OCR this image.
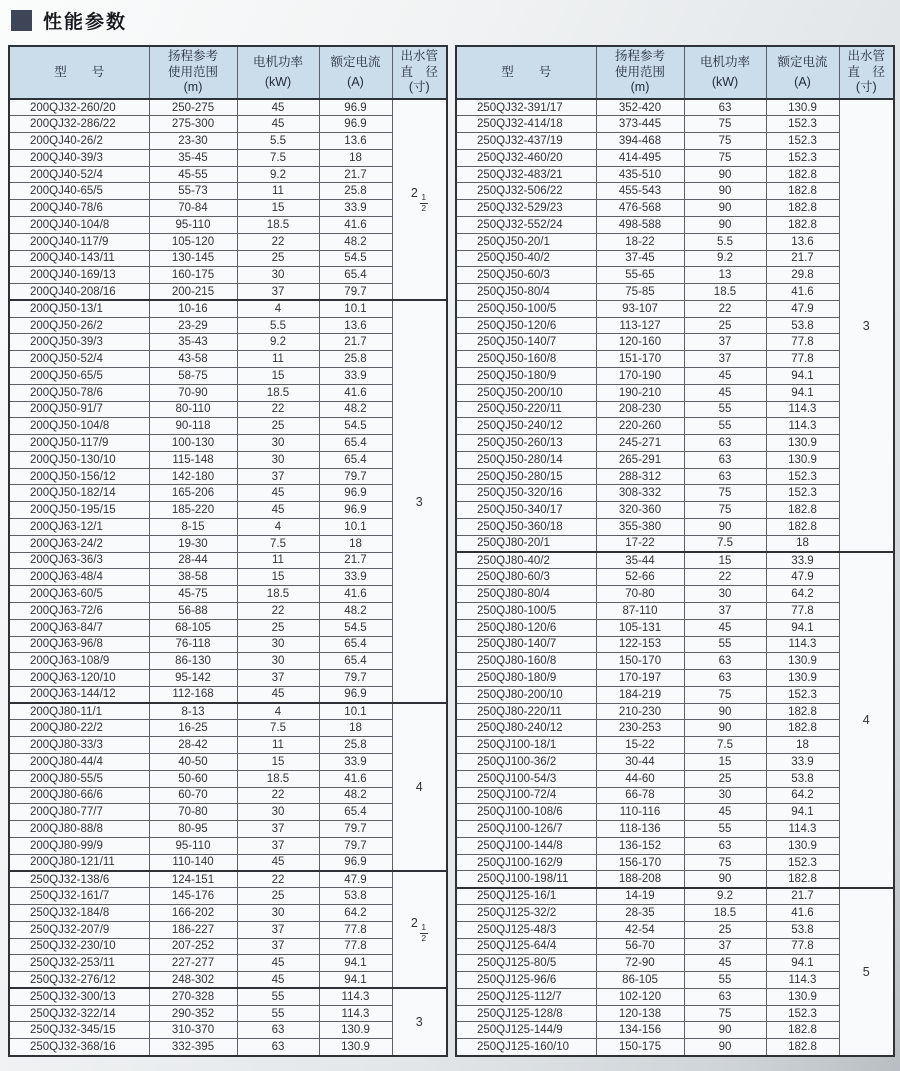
性能参数
型　　号

扬程参考
使用范围
(m)

电机功率
(kW)

额定电流
(A)

出水管
直　径
(寸)

200QJ32-260/20	250-275	45	96.9	$2 \frac{1}{2}$

200QJ32-286/22	275-300	45	96.9	
200QJ40-26/2	23-30	5.5	13.6	
200QJ40-39/3	35-45	7.5	18	
200QJ40-52/4	45-55	9.2	21.7	
200QJ40-65/5	55-73	11	25.8	
200QJ40-78/6	70-84	15	33.9	
200QJ40-104/8	95-110	18.5	41.6	
200QJ40-117/9	105-120	22	48.2	
200QJ40-143/11	130-145	25	54.5	
200QJ40-169/13	160-175	30	65.4	
200QJ40-208/16	200-215	37	79.7	
200QJ50-13/1	10-16	4	10.1	3
200QJ50-26/2	23-29	5.5	13.6	
200QJ50-39/3	35-43	9.2	21.7	
200QJ50-52/4	43-58	11	25.8	
200QJ50-65/5	58-75	15	33.9	
200QJ50-78/6	70-90	18.5	41.6	
200QJ50-91/7	80-110	22	48.2	
200QJ50-104/8	90-118	25	54.5	
200QJ50-117/9	100-130	30	65.4	
200QJ50-130/10	115-148	30	65.4	
200QJ50-156/12	142-180	37	79.7	
200QJ50-182/14	165-206	45	96.9	
200QJ50-195/15	185-220	45	96.9	
200QJ63-12/1	8-15	4	10.1	
200QJ63-24/2	19-30	7.5	18	
200QJ63-36/3	28-44	11	21.7	
200QJ63-48/4	38-58	15	33.9	
200QJ63-60/5	45-75	18.5	41.6	
200QJ63-72/6	56-88	22	48.2	
200QJ63-84/7	68-105	25	54.5	
200QJ63-96/8	76-118	30	65.4	
200QJ63-108/9	86-130	30	65.4	
200QJ63-120/10	95-142	37	79.7	
200QJ63-144/12	112-168	45	96.9	
200QJ80-11/1	8-13	4	10.1	4
200QJ80-22/2	16-25	7.5	18	
200QJ80-33/3	28-42	11	25.8	
200QJ80-44/4	40-50	15	33.9	
200QJ80-55/5	50-60	18.5	41.6	
200QJ80-66/6	60-70	22	48.2	
200QJ80-77/7	70-80	30	65.4	
200QJ80-88/8	80-95	37	79.7	
200QJ80-99/9	95-110	37	79.7	
200QJ80-121/11	110-140	45	96.9	
250QJ32-138/6	124-151	22	47.9	$2 \frac{1}{2}$

250QJ32-161/7	145-176	25	53.8	
250QJ32-184/8	166-202	30	64.2	
250QJ32-207/9	186-227	37	77.8	
250QJ32-230/10	207-252	37	77.8	
250QJ32-253/11	227-277	45	94.1	
250QJ32-276/12	248-302	45	94.1	
250QJ32-300/13	270-328	55	114.3	3
250QJ32-322/14	290-352	55	114.3	
250QJ32-345/15	310-370	63	130.9	
250QJ32-368/16	332-395	63	130.9	
型　　号

扬程参考
使用范围
(m)

电机功率
(kW)

额定电流
(A)

出水管
直　径
(寸)

250QJ32-391/17	352-420	63	130.9	3
250QJ32-414/18	373-445	75	152.3	
250QJ32-437/19	394-468	75	152.3	
250QJ32-460/20	414-495	75	152.3	
250QJ32-483/21	435-510	90	182.8	
250QJ32-506/22	455-543	90	182.8	
250QJ32-529/23	476-568	90	182.8	
250QJ32-552/24	498-588	90	182.8	
250QJ50-20/1	18-22	5.5	13.6	
250QJ50-40/2	37-45	9.2	21.7	
250QJ50-60/3	55-65	13	29.8	
250QJ50-80/4	75-85	18.5	41.6	
250QJ50-100/5	93-107	22	47.9	
250QJ50-120/6	113-127	25	53.8	
250QJ50-140/7	120-160	37	77.8	
250QJ50-160/8	151-170	37	77.8	
250QJ50-180/9	170-190	45	94.1	
250QJ50-200/10	190-210	45	94.1	
250QJ50-220/11	208-230	55	114.3	
250QJ50-240/12	220-260	55	114.3	
250QJ50-260/13	245-271	63	130.9	
250QJ50-280/14	265-291	63	130.9	
250QJ50-280/15	288-312	63	152.3	
250QJ50-320/16	308-332	75	152.3	
250QJ50-340/17	320-360	75	182.8	
250QJ50-360/18	355-380	90	182.8	
250QJ80-20/1	17-22	7.5	18	
250QJ80-40/2	35-44	15	33.9	4
250QJ80-60/3	52-66	22	47.9	
250QJ80-80/4	70-80	30	64.2	
250QJ80-100/5	87-110	37	77.8	
250QJ80-120/6	105-131	45	94.1	
250QJ80-140/7	122-153	55	114.3	
250QJ80-160/8	150-170	63	130.9	
250QJ80-180/9	170-197	63	130.9	
250QJ80-200/10	184-219	75	152.3	
250QJ80-220/11	210-230	90	182.8	
250QJ80-240/12	230-253	90	182.8	
250QJ100-18/1	15-22	7.5	18	
250QJ100-36/2	30-44	15	33.9	
250QJ100-54/3	44-60	25	53.8	
250QJ100-72/4	66-78	30	64.2	
250QJ100-108/6	110-116	45	94.1	
250QJ100-126/7	118-136	55	114.3	
250QJ100-144/8	136-152	63	130.9	
250QJ100-162/9	156-170	75	152.3	
250QJ100-198/11	188-208	90	182.8	
250QJ125-16/1	14-19	9.2	21.7	5
250QJ125-32/2	28-35	18.5	41.6	
250QJ125-48/3	42-54	25	53.8	
250QJ125-64/4	56-70	37	77.8	
250QJ125-80/5	72-90	45	94.1	
250QJ125-96/6	86-105	55	114.3	
250QJ125-112/7	102-120	63	130.9	
250QJ125-128/8	120-138	75	152.3	
250QJ125-144/9	134-156	90	182.8	
250QJ125-160/10	150-175	90	182.8	
